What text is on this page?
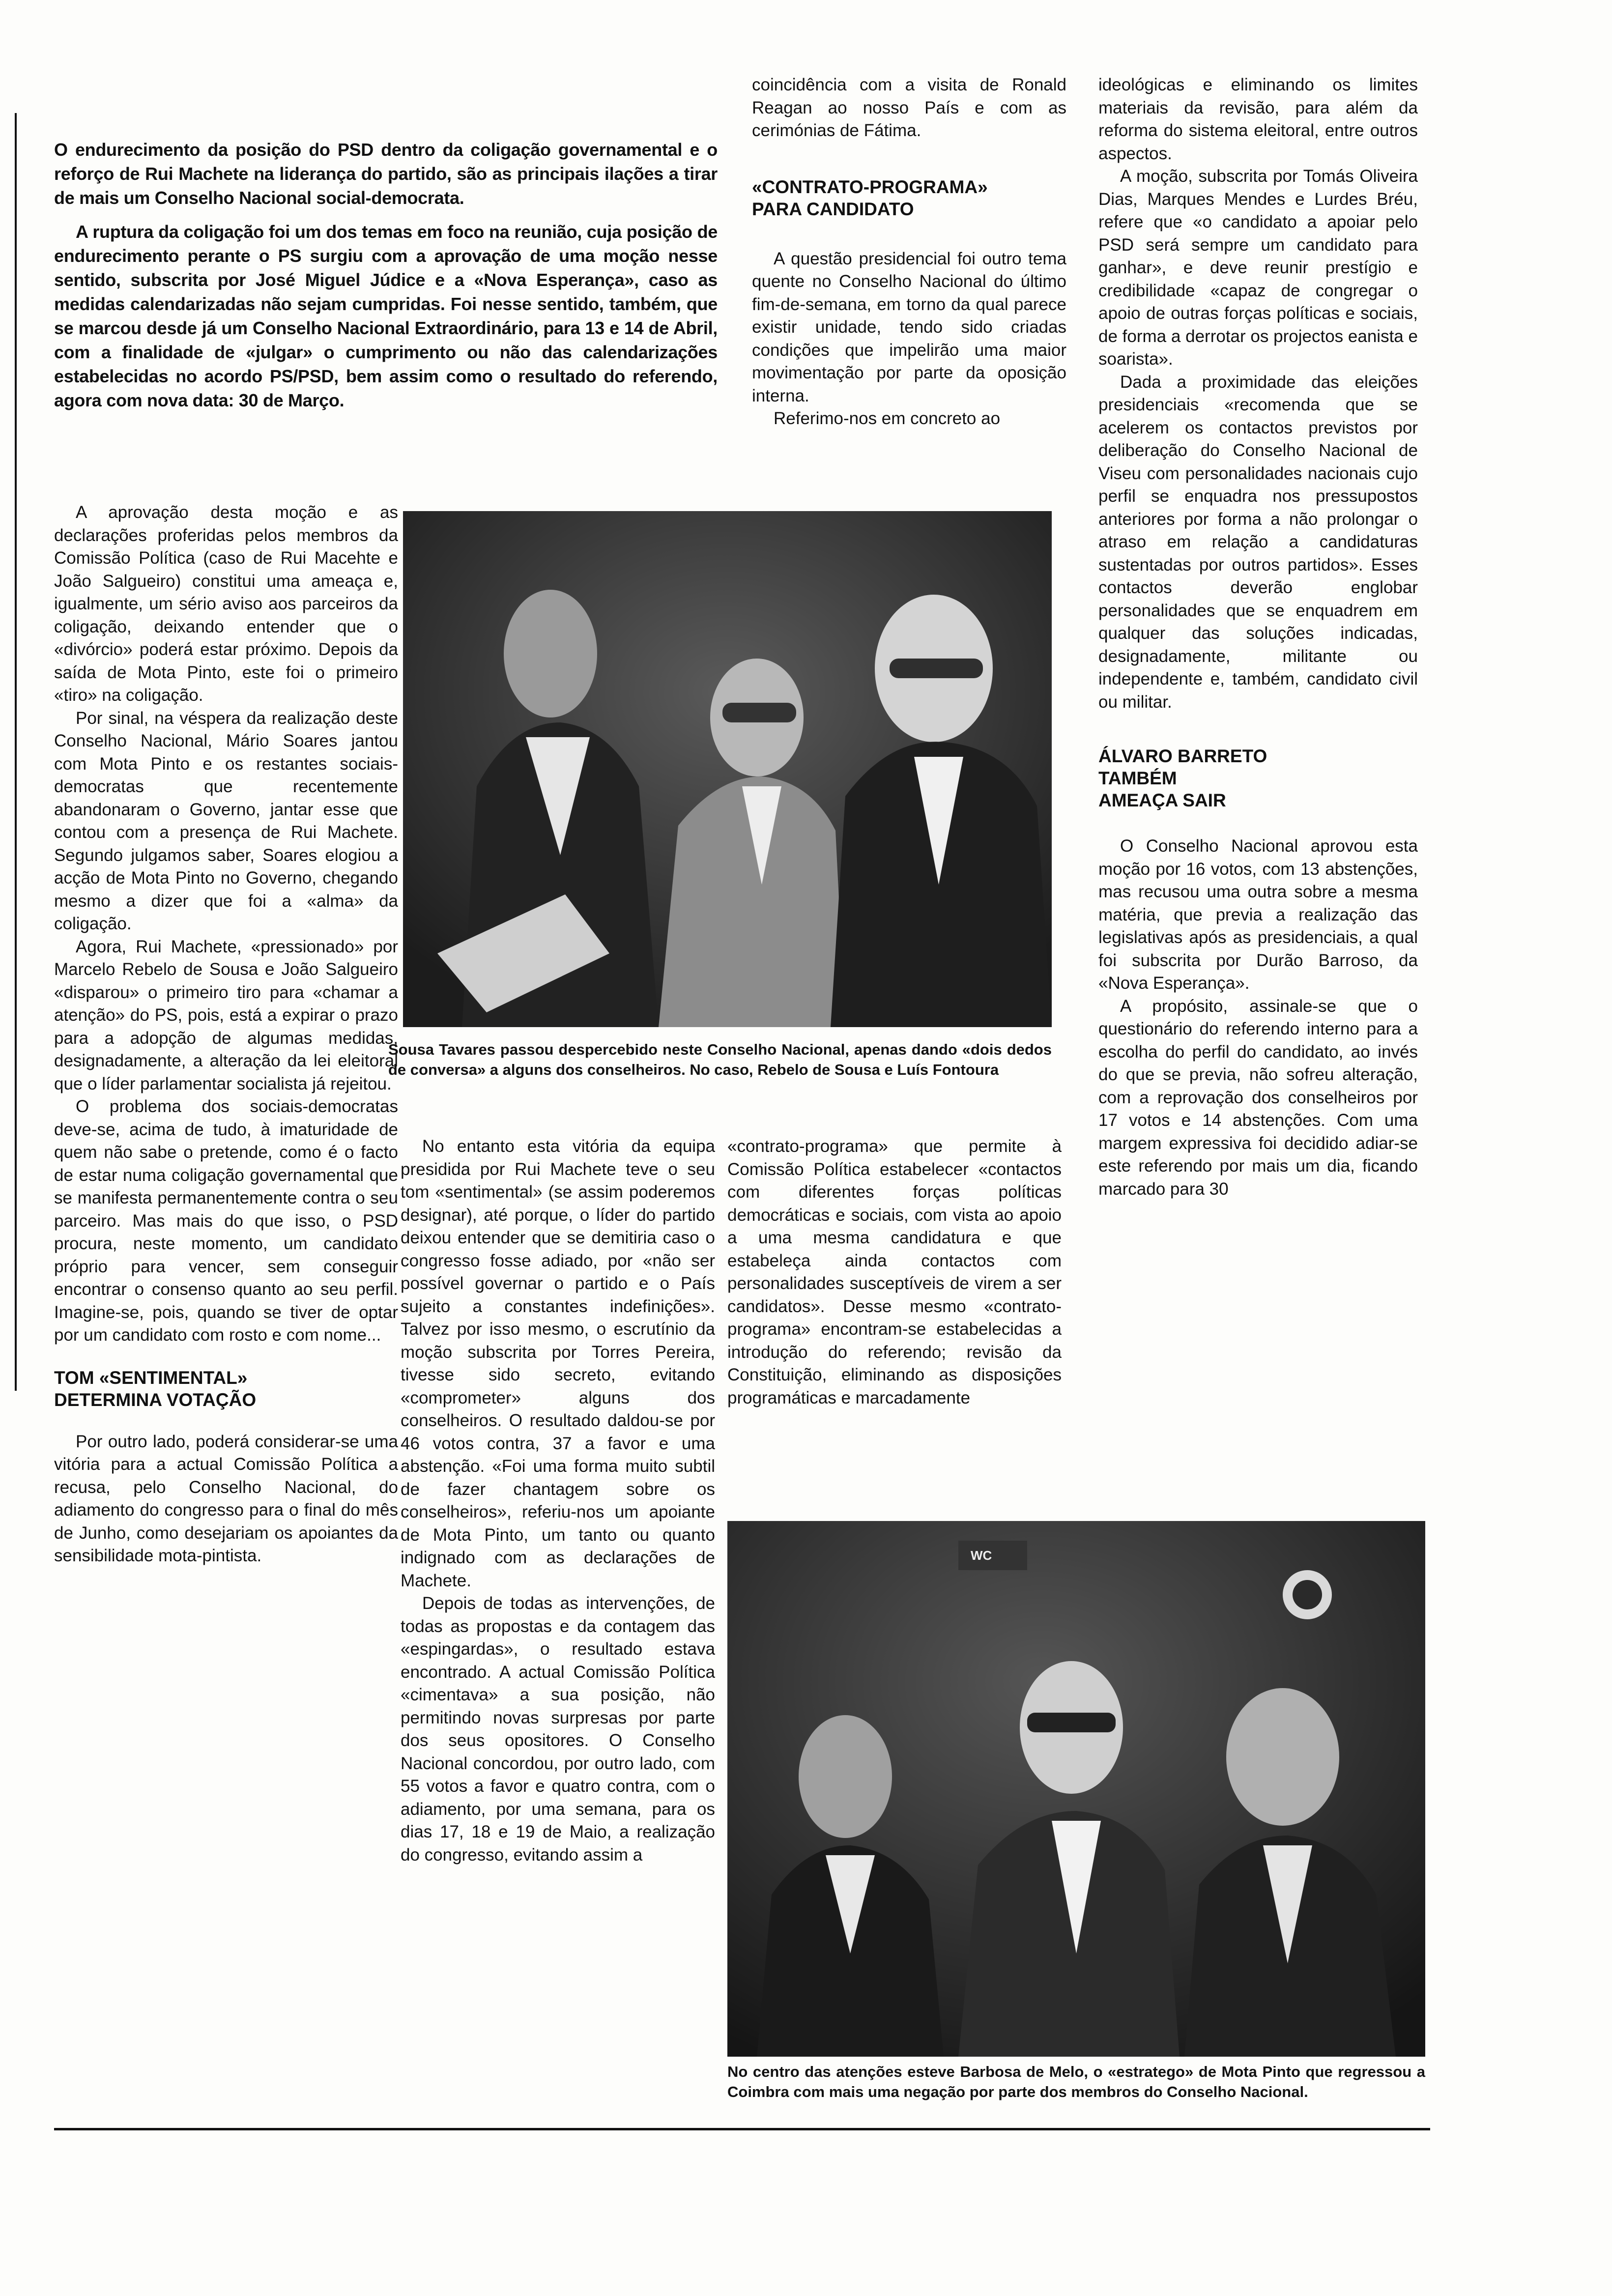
O endurecimento da posição do PSD dentro da coligação governamental e o reforço de Rui Machete na liderança do partido, são as principais ilações a tirar de mais um Conselho Nacional social-democrata.

A ruptura da coligação foi um dos temas em foco na reunião, cuja posição de endurecimento perante o PS surgiu com a aprovação de uma moção nesse sentido, subscrita por José Miguel Júdice e a «Nova Esperança», caso as medidas calendarizadas não sejam cumpridas. Foi nesse sentido, também, que se marcou desde já um Conselho Nacional Extraordinário, para 13 e 14 de Abril, com a finalidade de «julgar» o cumprimento ou não das calendarizações estabelecidas no acordo PS/PSD, bem assim como o resultado do referendo, agora com nova data: 30 de Março.

A aprovação desta moção e as declarações proferidas pelos membros da Comissão Política (caso de Rui Macehte e João Salgueiro) constitui uma ameaça e, igualmente, um sério aviso aos parceiros da coligação, deixando entender que o «divórcio» poderá estar próximo. Depois da saída de Mota Pinto, este foi o primeiro «tiro» na coligação.

Por sinal, na véspera da realização deste Conselho Nacional, Mário Soares jantou com Mota Pinto e os restantes sociais-democratas que recentemente abandonaram o Governo, jantar esse que contou com a presença de Rui Machete. Segundo julgamos saber, Soares elogiou a acção de Mota Pinto no Governo, chegando mesmo a dizer que foi a «alma» da coligação.

Agora, Rui Machete, «pressionado» por Marcelo Rebelo de Sousa e João Salgueiro «disparou» o primeiro tiro para «chamar a atenção» do PS, pois, está a expirar o prazo para a adopção de algumas medidas, designadamente, a alteração da lei eleitoral que o líder parlamentar socialista já rejeitou.

O problema dos sociais-democratas deve-se, acima de tudo, à imaturidade de quem não sabe o pretende, como é o facto de estar numa coligação governamental que se manifesta permanentemente contra o seu parceiro. Mas mais do que isso, o PSD procura, neste momento, um candidato próprio para vencer, sem conseguir encontrar o consenso quanto ao seu perfil. Imagine-se, pois, quando se tiver de optar por um candidato com rosto e com nome...

TOM «SENTIMENTAL»

DETERMINA VOTAÇÃO

Por outro lado, poderá considerar-se uma vitória para a actual Comissão Política a recusa, pelo Conselho Nacional, do adiamento do congresso para o final do mês de Junho, como desejariam os apoiantes da sensibilidade mota-pintista.

Sousa Tavares passou despercebido neste Conselho Nacional, apenas dando «dois dedos de conversa» a alguns dos conselheiros. No caso, Rebelo de Sousa e Luís Fontoura

No entanto esta vitória da equipa presidida por Rui Machete teve o seu tom «sentimental» (se assim poderemos designar), até porque, o líder do partido deixou entender que se demitiria caso o congresso fosse adiado, por «não ser possível governar o partido e o País sujeito a constantes indefinições». Talvez por isso mesmo, o escrutínio da moção subscrita por Torres Pereira, tivesse sido secreto, evitando «comprometer» alguns dos conselheiros. O resultado daldou-se por 46 votos contra, 37 a favor e uma abstenção. «Foi uma forma muito subtil de fazer chantagem sobre os conselheiros», referiu-nos um apoiante de Mota Pinto, um tanto ou quanto indignado com as declarações de Machete.

Depois de todas as intervenções, de todas as propostas e da contagem das «espingardas», o resultado estava encontrado. A actual Comissão Política «cimentava» a sua posição, não permitindo novas surpresas por parte dos seus opositores. O Conselho Nacional concordou, por outro lado, com 55 votos a favor e quatro contra, com o adiamento, por uma semana, para os dias 17, 18 e 19 de Maio, a realização do congresso, evitando assim a

coincidência com a visita de Ronald Reagan ao nosso País e com as cerimónias de Fátima.

«CONTRATO-PROGRAMA»

PARA CANDIDATO

A questão presidencial foi outro tema quente no Conselho Nacional do último fim-de-semana, em torno da qual parece existir unidade, tendo sido criadas condições que impelirão uma maior movimentação por parte da oposição interna.

Referimo-nos em concreto ao

«contrato-programa» que permite à Comissão Política estabelecer «contactos com diferentes forças políticas democráticas e sociais, com vista ao apoio a uma mesma candidatura e que estabeleça ainda contactos com personalidades susceptíveis de virem a ser candidatos». Desse mesmo «contrato-programa» encontram-se estabelecidas a introdução do referendo; revisão da Constituição, eliminando as disposições programáticas e marcadamente

ideológicas e eliminando os limites materiais da revisão, para além da reforma do sistema eleitoral, entre outros aspectos.

A moção, subscrita por Tomás Oliveira Dias, Marques Mendes e Lurdes Bréu, refere que «o candidato a apoiar pelo PSD será sempre um candidato para ganhar», e deve reunir prestígio e credibilidade «capaz de congregar o apoio de outras forças políticas e sociais, de forma a derrotar os projectos eanista e soarista».

Dada a proximidade das eleições presidenciais «recomenda que se acelerem os contactos previstos por deliberação do Conselho Nacional de Viseu com personalidades nacionais cujo perfil se enquadra nos pressupostos anteriores por forma a não prolongar o atraso em relação a candidaturas sustentadas por outros partidos». Esses contactos deverão englobar personalidades que se enquadrem em qualquer das soluções indicadas, designadamente, militante ou independente e, também, candidato civil ou militar.

ÁLVARO BARRETO

TAMBÉM

AMEAÇA SAIR

O Conselho Nacional aprovou esta moção por 16 votos, com 13 abstenções, mas recusou uma outra sobre a mesma matéria, que previa a realização das legislativas após as presidenciais, a qual foi subscrita por Durão Barroso, da «Nova Esperança».

A propósito, assinale-se que o questionário do referendo interno para a escolha do perfil do candidato, ao invés do que se previa, não sofreu alteração, com a reprovação dos conselheiros por 17 votos e 14 abstenções. Com uma margem expressiva foi decidido adiar-se este referendo por mais um dia, ficando marcado para 30

WC

No centro das atenções esteve Barbosa de Melo, o «estratego» de Mota Pinto que regressou a Coimbra com mais uma negação por parte dos membros do Conselho Nacional.
